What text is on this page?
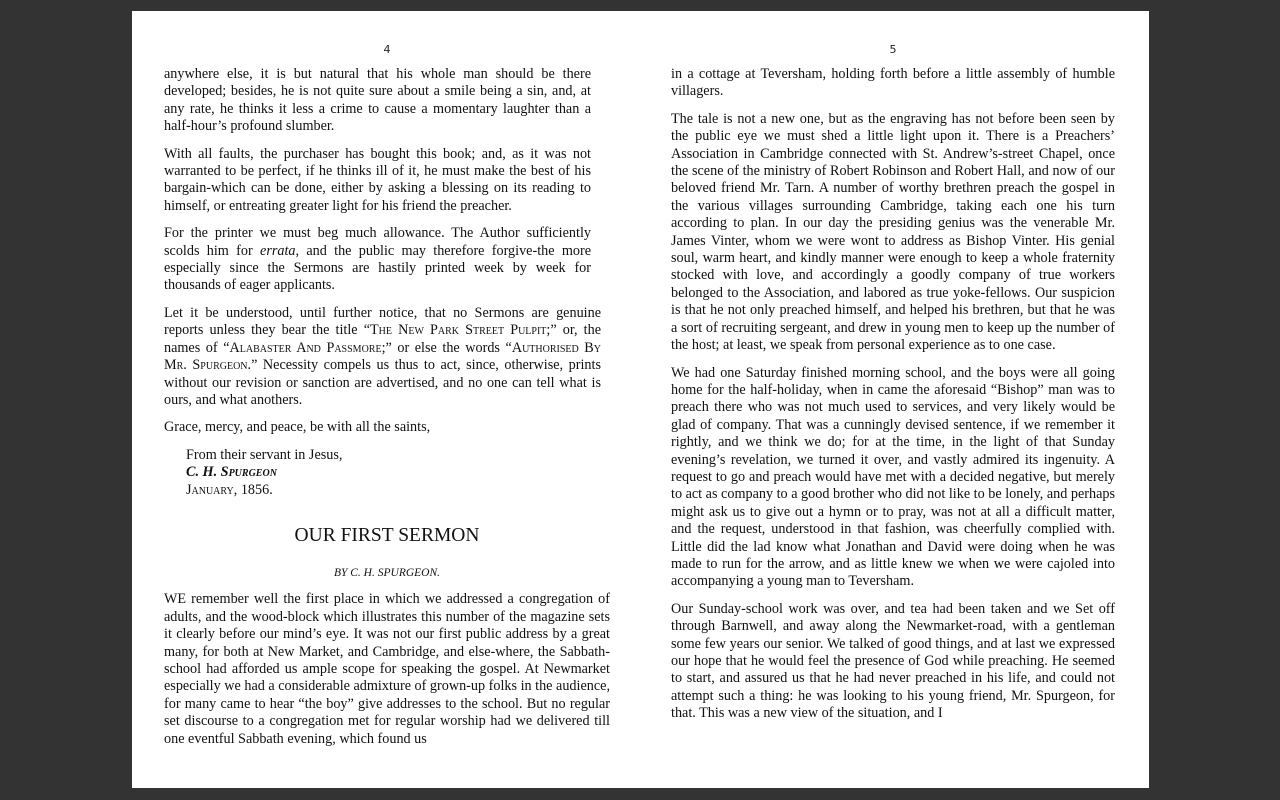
4

anywhere else, it is but natural that his whole man should be there developed; besides, he is not quite sure about a smile being a sin, and, at any rate, he thinks it less a crime to cause a momentary laughter than a half-hour’s profound slumber.

With all faults, the purchaser has bought this book; and, as it was not warranted to be perfect, if he thinks ill of it, he must make the best of his bargain-which can be done, either by asking a blessing on its reading to himself, or entreating greater light for his friend the preacher.

For the printer we must beg much allowance. The Author sufficiently scolds him for errata, and the public may therefore forgive-the more especially since the Sermons are hastily printed week by week for thousands of eager applicants.

Let it be understood, until further notice, that no Sermons are genuine reports unless they bear the title “The New Park Street Pulpit;” or, the names of “Alabaster And Passmore;” or else the words “Authorised By Mr. Spurgeon.” Necessity compels us thus to act, since, otherwise, prints without our revision or sanction are advertised, and no one can tell what is ours, and what anothers.

Grace, mercy, and peace, be with all the saints,

From their servant in Jesus,
C. H. Spurgeon
January, 1856.
OUR FIRST SERMON
BY C. H. SPURGEON.

WE remember well the first place in which we addressed a congregation of adults, and the wood-block which illustrates this number of the magazine sets it clearly before our mind’s eye. It was not our first public address by a great many, for both at New Market, and Cambridge, and else-where, the Sabbath-school had afforded us ample scope for speaking the gospel. At Newmarket especially we had a considerable admixture of grown-up folks in the audience, for many came to hear “the boy” give addresses to the school. But no regular set discourse to a congregation met for regular worship had we delivered till one eventful Sabbath evening, which found us

5

in a cottage at Teversham, holding forth before a little assembly of humble villagers.

The tale is not a new one, but as the engraving has not before been seen by the public eye we must shed a little light upon it. There is a Preachers’ Association in Cambridge connected with St. Andrew’s-street Chapel, once the scene of the ministry of Robert Robinson and Robert Hall, and now of our beloved friend Mr. Tarn. A number of worthy brethren preach the gospel in the various villages surrounding Cambridge, taking each one his turn according to plan. In our day the presiding genius was the venerable Mr. James Vinter, whom we were wont to address as Bishop Vinter. His genial soul, warm heart, and kindly manner were enough to keep a whole fraternity stocked with love, and accordingly a goodly company of true workers belonged to the Association, and labored as true yoke-fellows. Our suspicion is that he not only preached himself, and helped his brethren, but that he was a sort of recruiting sergeant, and drew in young men to keep up the number of the host; at least, we speak from personal experience as to one case.

We had one Saturday finished morning school, and the boys were all going home for the half-holiday, when in came the aforesaid “Bishop” man was to preach there who was not much used to services, and very likely would be glad of company. That was a cunningly devised sentence, if we remember it rightly, and we think we do; for at the time, in the light of that Sunday evening’s revelation, we turned it over, and vastly admired its ingenuity. A request to go and preach would have met with a decided negative, but merely to act as company to a good brother who did not like to be lonely, and perhaps might ask us to give out a hymn or to pray, was not at all a difficult matter, and the request, understood in that fashion, was cheerfully complied with. Little did the lad know what Jonathan and David were doing when he was made to run for the arrow, and as little knew we when we were cajoled into accompanying a young man to Teversham.

Our Sunday-school work was over, and tea had been taken and we Set off through Barnwell, and away along the Newmarket-road, with a gentleman some few years our senior. We talked of good things, and at last we expressed our hope that he would feel the presence of God while preaching. He seemed to start, and assured us that he had never preached in his life, and could not attempt such a thing: he was looking to his young friend, Mr. Spurgeon, for that. This was a new view of the situation, and I
